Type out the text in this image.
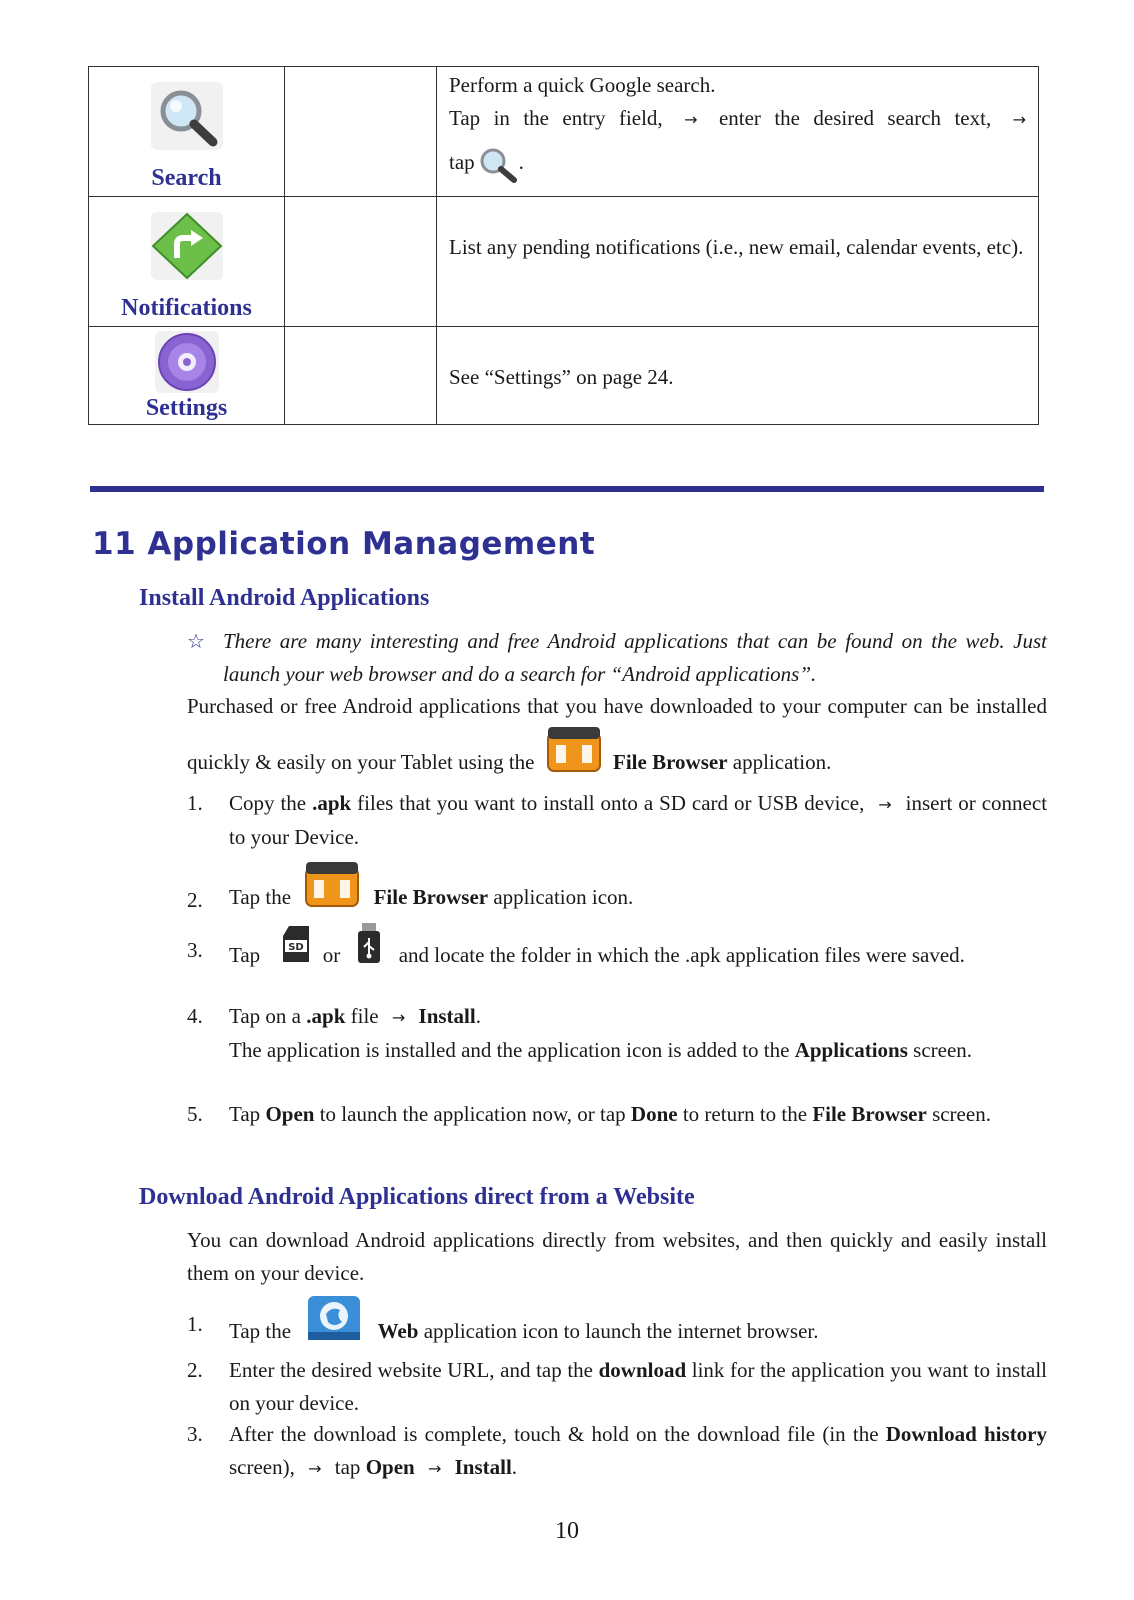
Search		Perform a quick Google search.

Tap in the entry field, → enter the desired search text, →
tap .

Notifications		List any pending notifications (i.e., new email, calendar events, etc).

Settings		See “Settings” on page 24.
11 Application Management
Install Android Applications

☆ There are many interesting and free Android applications that can be found on the web. Just launch your web browser and do a search for “Android applications”.

Purchased or free Android applications that you have downloaded to your computer can be installed quickly & easily on your Tablet using the	File Browser application.

1. Copy the .apk files that you want to install onto a SD card or USB device, → insert or connect to your Device.
2. Tap the	File Browser application icon.
3. Tap	SD or	and locate the folder in which the .apk application files were saved.
4. Tap on a .apk file → Install.
The application is installed and the application icon is added to the Applications screen.
5. Tap Open to launch the application now, or tap Done to return to the File Browser screen.
Download Android Applications direct from a Website

You can download Android applications directly from websites, and then quickly and easily install them on your device.

1. Tap the	Web application icon to launch the internet browser.
2. Enter the desired website URL, and tap the download link for the application you want to install on your device.
3. After the download is complete, touch & hold on the download file (in the Download history screen), → tap Open → Install.
10
